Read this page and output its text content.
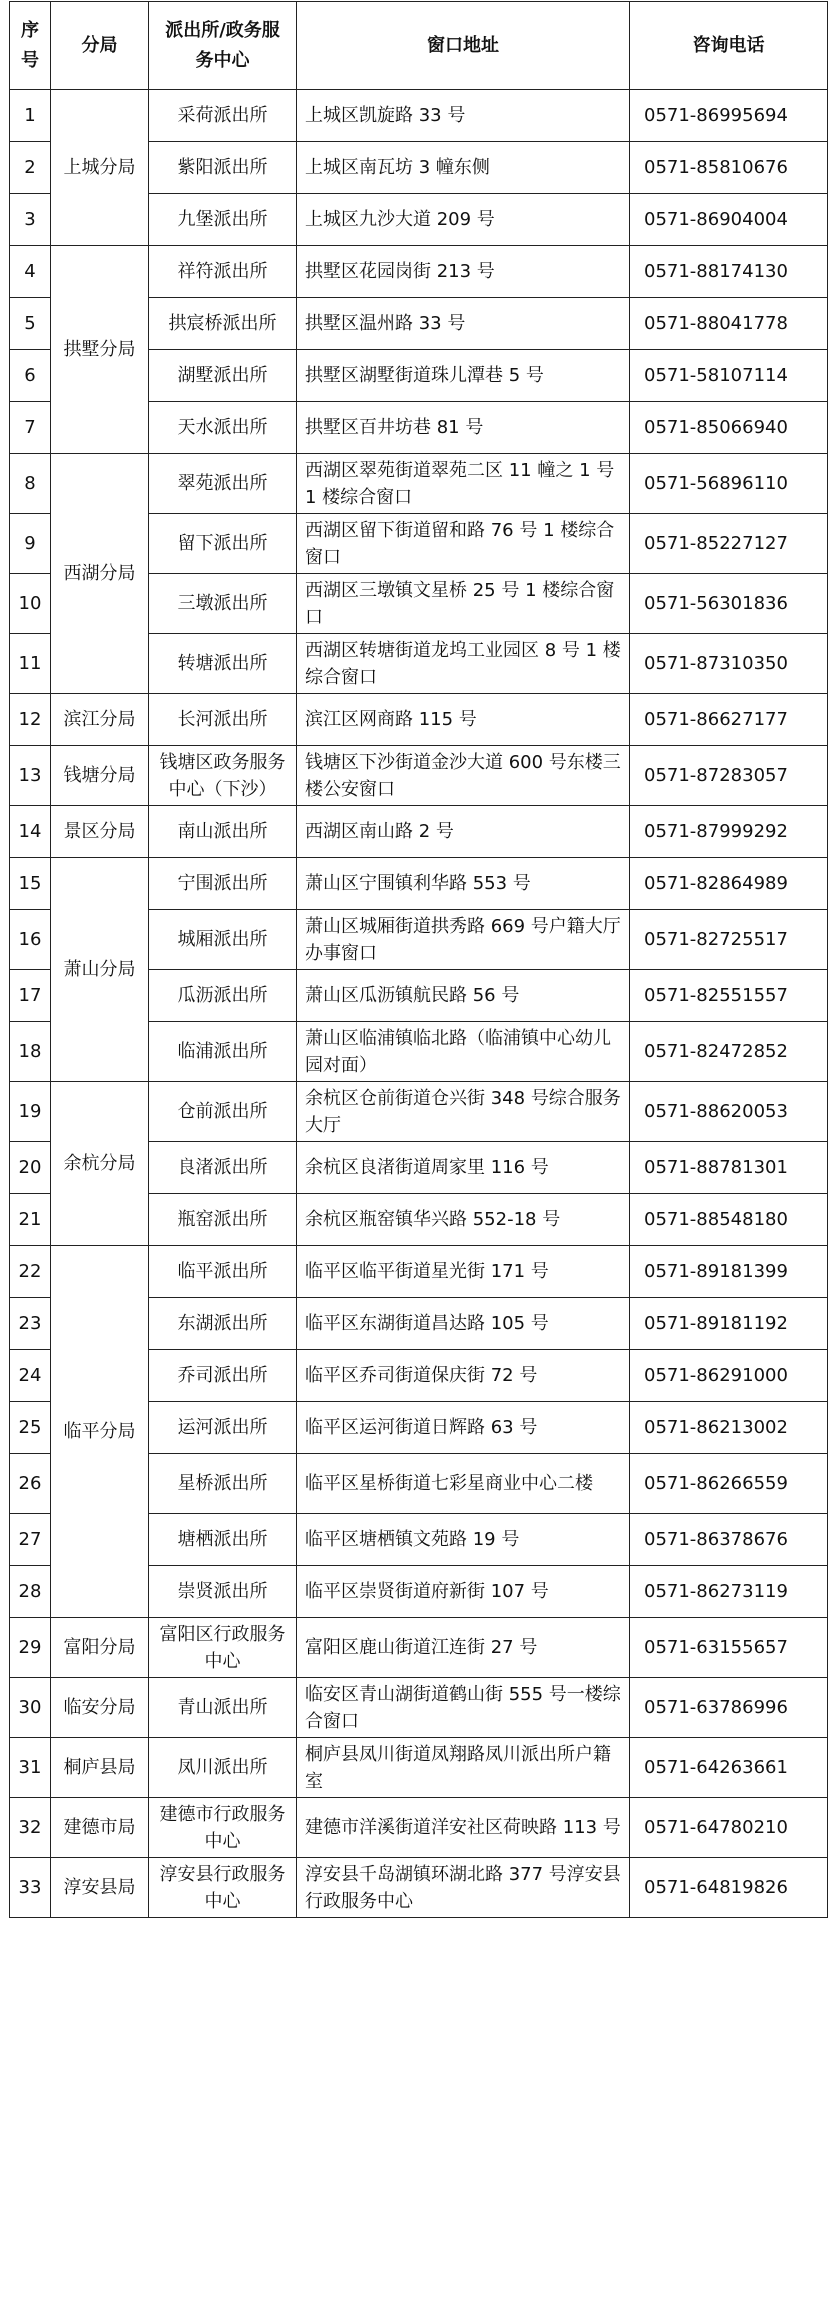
序号	分局	派出所/政务服务中心	窗口地址	咨询电话
1	上城分局	采荷派出所	上城区凯旋路 33 号	0571-86995694
2		紫阳派出所	上城区南瓦坊 3 幢东侧	0571-85810676
3		九堡派出所	上城区九沙大道 209 号	0571-86904004
4	拱墅分局	祥符派出所	拱墅区花园岗街 213 号	0571-88174130
5		拱宸桥派出所	拱墅区温州路 33 号	0571-88041778
6		湖墅派出所	拱墅区湖墅街道珠儿潭巷 5 号	0571-58107114
7		天水派出所	拱墅区百井坊巷 81 号	0571-85066940
8	西湖分局	翠苑派出所	西湖区翠苑街道翠苑二区 11 幢之 1 号 1 楼综合窗口	0571-56896110
9		留下派出所	西湖区留下街道留和路 76 号 1 楼综合窗口	0571-85227127
10		三墩派出所	西湖区三墩镇文星桥 25 号 1 楼综合窗口	0571-56301836
11		转塘派出所	西湖区转塘街道龙坞工业园区 8 号 1 楼综合窗口	0571-87310350
12	滨江分局	长河派出所	滨江区网商路 115 号	0571-86627177
13	钱塘分局	钱塘区政务服务中心（下沙）	钱塘区下沙街道金沙大道 600 号东楼三楼公安窗口	0571-87283057
14	景区分局	南山派出所	西湖区南山路 2 号	0571-87999292
15	萧山分局	宁围派出所	萧山区宁围镇利华路 553 号	0571-82864989
16		城厢派出所	萧山区城厢街道拱秀路 669 号户籍大厅办事窗口	0571-82725517
17		瓜沥派出所	萧山区瓜沥镇航民路 56 号	0571-82551557
18		临浦派出所	萧山区临浦镇临北路（临浦镇中心幼儿园对面）	0571-82472852
19	余杭分局	仓前派出所	余杭区仓前街道仓兴街 348 号综合服务大厅	0571-88620053
20		良渚派出所	余杭区良渚街道周家里 116 号	0571-88781301
21		瓶窑派出所	余杭区瓶窑镇华兴路 552-18 号	0571-88548180
22	临平分局	临平派出所	临平区临平街道星光街 171 号	0571-89181399
23		东湖派出所	临平区东湖街道昌达路 105 号	0571-89181192
24		乔司派出所	临平区乔司街道保庆街 72 号	0571-86291000
25		运河派出所	临平区运河街道日辉路 63 号	0571-86213002
26		星桥派出所	临平区星桥街道七彩星商业中心二楼	0571-86266559
27		塘栖派出所	临平区塘栖镇文苑路 19 号	0571-86378676
28		崇贤派出所	临平区崇贤街道府新街 107 号	0571-86273119
29	富阳分局	富阳区行政服务中心	富阳区鹿山街道江连街 27 号	0571-63155657
30	临安分局	青山派出所	临安区青山湖街道鹤山街 555 号一楼综合窗口	0571-63786996
31	桐庐县局	凤川派出所	桐庐县凤川街道凤翔路凤川派出所户籍室	0571-64263661
32	建德市局	建德市行政服务中心	建德市洋溪街道洋安社区荷映路 113 号	0571-64780210
33	淳安县局	淳安县行政服务中心	淳安县千岛湖镇环湖北路 377 号淳安县行政服务中心	0571-64819826
